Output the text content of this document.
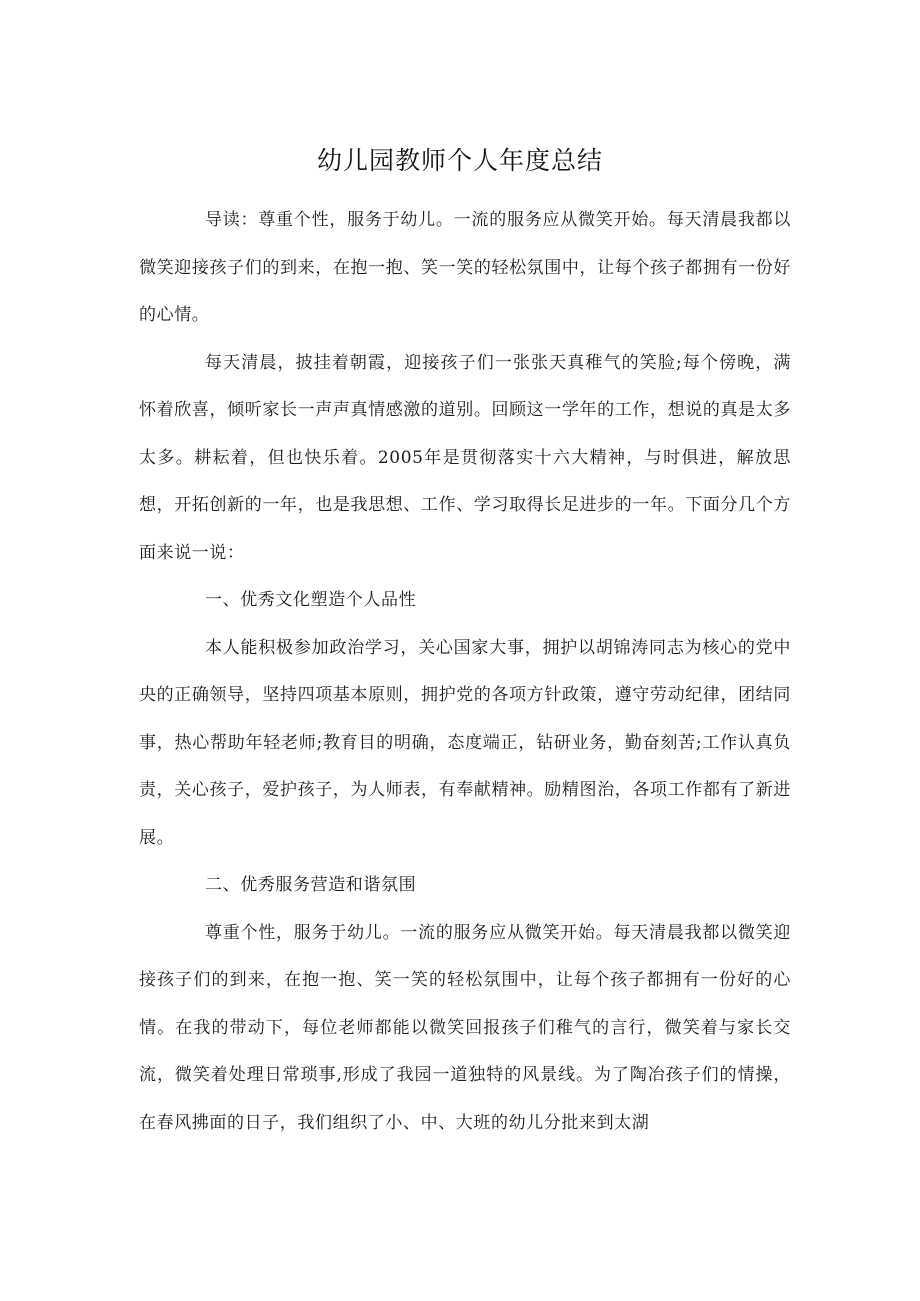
幼儿园教师个人年度总结

导读：尊重个性，服务于幼儿。一流的服务应从微笑开始。每天清晨我都以微笑迎接孩子们的到来，在抱一抱、笑一笑的轻松氛围中，让每个孩子都拥有一份好的心情。

每天清晨，披挂着朝霞，迎接孩子们一张张天真稚气的笑脸;每个傍晚，满怀着欣喜，倾听家长一声声真情感激的道别。回顾这一学年的工作，想说的真是太多太多。耕耘着，但也快乐着。2005年是贯彻落实十六大精神，与时俱进，解放思想，开拓创新的一年，也是我思想、工作、学习取得长足进步的一年。下面分几个方面来说一说：

一、优秀文化塑造个人品性

本人能积极参加政治学习，关心国家大事，拥护以胡锦涛同志为核心的党中央的正确领导，坚持四项基本原则，拥护党的各项方针政策，遵守劳动纪律，团结同事，热心帮助年轻老师;教育目的明确，态度端正，钻研业务，勤奋刻苦;工作认真负责，关心孩子，爱护孩子，为人师表，有奉献精神。励精图治，各项工作都有了新进展。

二、优秀服务营造和谐氛围

尊重个性，服务于幼儿。一流的服务应从微笑开始。每天清晨我都以微笑迎接孩子们的到来，在抱一抱、笑一笑的轻松氛围中，让每个孩子都拥有一份好的心情。在我的带动下，每位老师都能以微笑回报孩子们稚气的言行，微笑着与家长交流，微笑着处理日常琐事,形成了我园一道独特的风景线。为了陶冶孩子们的情操，在春风拂面的日子，我们组织了小、中、大班的幼儿分批来到太湖
